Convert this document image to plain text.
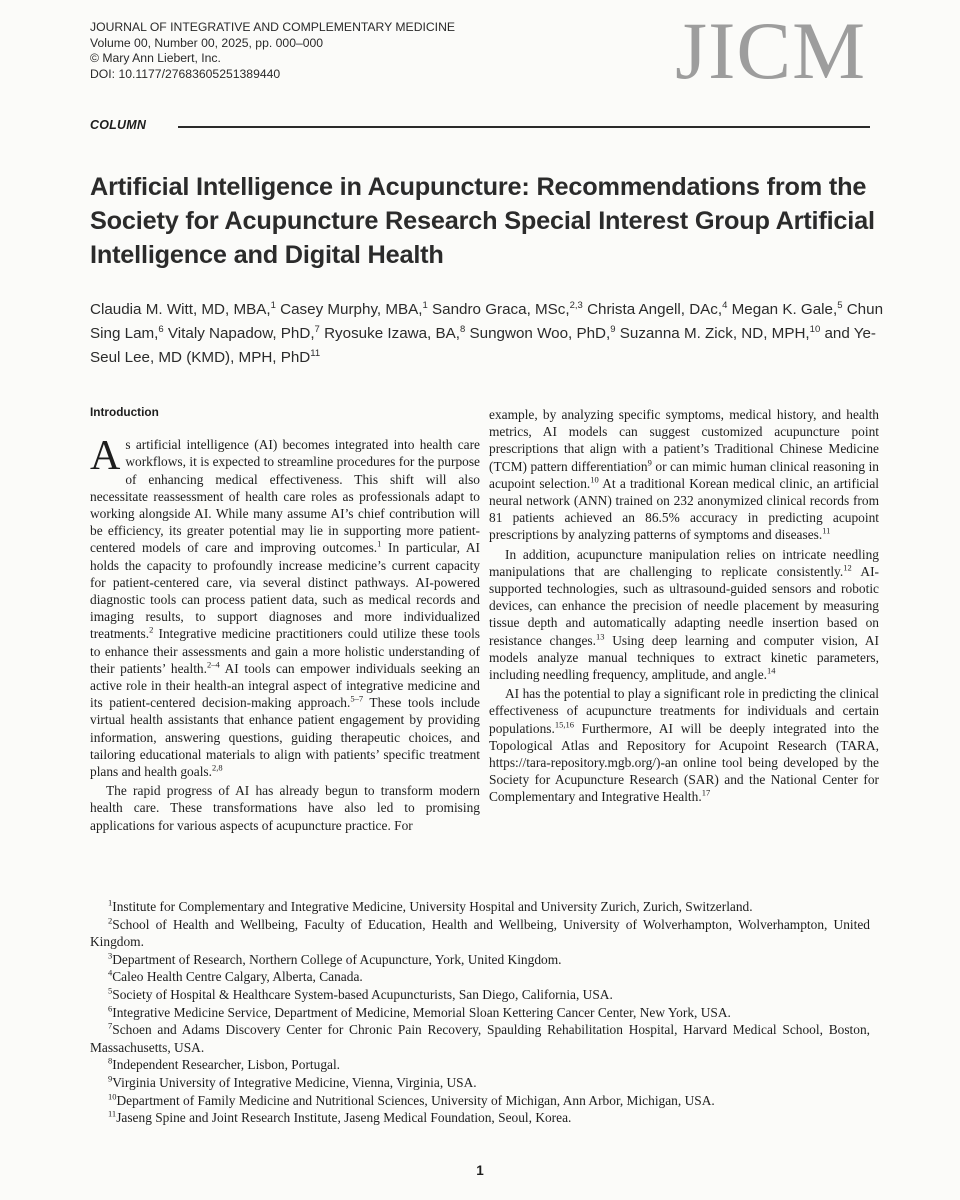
JOURNAL OF INTEGRATIVE AND COMPLEMENTARY MEDICINE
Volume 00, Number 00, 2025, pp. 000–000
© Mary Ann Liebert, Inc.
DOI: 10.1177/27683605251389440	JICM
COLUMN
Artificial Intelligence in Acupuncture: Recommendations from the Society for Acupuncture Research Special Interest Group Artificial Intelligence and Digital Health
Claudia M. Witt, MD, MBA,$^1$ Casey Murphy, MBA,$^1$ Sandro Graca, MSc,$^{2,3}$ Christa Angell, DAc,$^4$ Megan K. Gale,$^5$ Chun Sing Lam,$^6$ Vitaly Napadow, PhD,$^7$ Ryosuke Izawa, BA,$^8$ Sungwon Woo, PhD,$^9$ Suzanna M. Zick, ND, MPH,$^{10}$ and Ye-Seul Lee, MD (KMD), MPH, PhD$^{11}$
Introduction

As artificial intelligence (AI) becomes integrated into health care workflows, it is expected to streamline procedures for the purpose of enhancing medical effectiveness. This shift will also necessitate reassessment of health care roles as professionals adapt to working alongside AI. While many assume AI’s chief contribution will be efficiency, its greater potential may lie in supporting more patient-centered models of care and improving outcomes.$^1$ In particular, AI holds the capacity to profoundly increase medicine’s current capacity for patient-centered care, via several distinct pathways. AI-powered diagnostic tools can process patient data, such as medical records and imaging results, to support diagnoses and more individualized treatments.$^2$ Integrative medicine practitioners could utilize these tools to enhance their assessments and gain a more holistic understanding of their patients’ health.$^{2-4}$ AI tools can empower individuals seeking an active role in their health-an integral aspect of integrative medicine and its patient-centered decision-making approach.$^{5-7}$ These tools include virtual health assistants that enhance patient engagement by providing information, answering questions, guiding therapeutic choices, and tailoring educational materials to align with patients’ specific treatment plans and health goals.$^{2,8}$

The rapid progress of AI has already begun to transform modern health care. These transformations have also led to promising applications for various aspects of acupuncture practice. For

example, by analyzing specific symptoms, medical history, and health metrics, AI models can suggest customized acupuncture point prescriptions that align with a patient’s Traditional Chinese Medicine (TCM) pattern differentiation$^9$ or can mimic human clinical reasoning in acupoint selection.$^{10}$ At a traditional Korean medical clinic, an artificial neural network (ANN) trained on 232 anonymized clinical records from 81 patients achieved an 86.5% accuracy in predicting acupoint prescriptions by analyzing patterns of symptoms and diseases.$^{11}$

In addition, acupuncture manipulation relies on intricate needling manipulations that are challenging to replicate consistently.$^{12}$ AI-supported technologies, such as ultrasound-guided sensors and robotic devices, can enhance the precision of needle placement by measuring tissue depth and automatically adapting needle insertion based on resistance changes.$^{13}$ Using deep learning and computer vision, AI models analyze manual techniques to extract kinetic parameters, including needling frequency, amplitude, and angle.$^{14}$

AI has the potential to play a significant role in predicting the clinical effectiveness of acupuncture treatments for individuals and certain populations.$^{15,16}$ Furthermore, AI will be deeply integrated into the Topological Atlas and Repository for Acupoint Research (TARA, https://tara-repository.mgb.org/)-an online tool being developed by the Society for Acupuncture Research (SAR) and the National Center for Complementary and Integrative Health.$^{17}$

$^1$Institute for Complementary and Integrative Medicine, University Hospital and University Zurich, Zurich, Switzerland.
$^2$School of Health and Wellbeing, Faculty of Education, Health and Wellbeing, University of Wolverhampton, Wolverhampton, United Kingdom.
$^3$Department of Research, Northern College of Acupuncture, York, United Kingdom.
$^4$Caleo Health Centre Calgary, Alberta, Canada.
$^5$Society of Hospital & Healthcare System-based Acupuncturists, San Diego, California, USA.
$^6$Integrative Medicine Service, Department of Medicine, Memorial Sloan Kettering Cancer Center, New York, USA.
$^7$Schoen and Adams Discovery Center for Chronic Pain Recovery, Spaulding Rehabilitation Hospital, Harvard Medical School, Boston, Massachusetts, USA.
$^8$Independent Researcher, Lisbon, Portugal.
$^9$Virginia University of Integrative Medicine, Vienna, Virginia, USA.
$^{10}$Department of Family Medicine and Nutritional Sciences, University of Michigan, Ann Arbor, Michigan, USA.
$^{11}$Jaseng Spine and Joint Research Institute, Jaseng Medical Foundation, Seoul, Korea.
1
